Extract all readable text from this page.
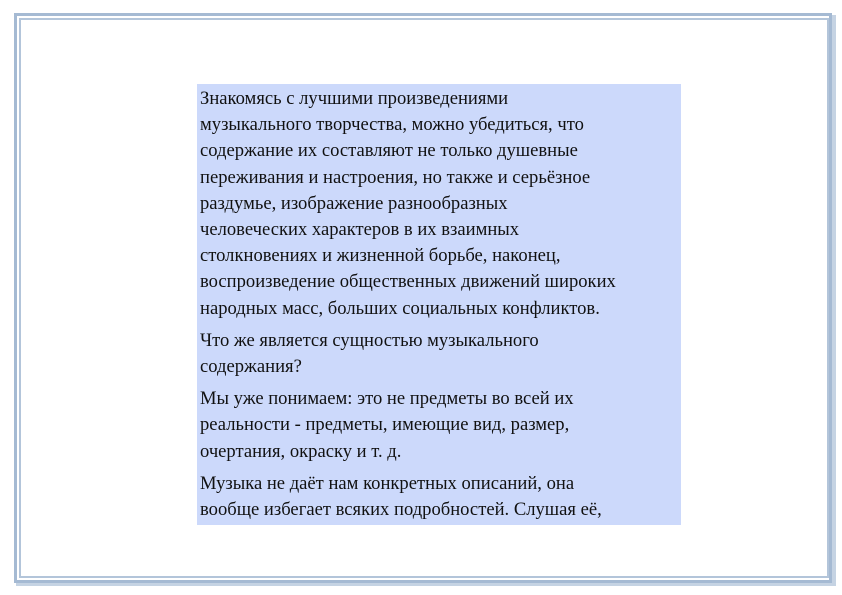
Знакомясь с лучшими произведениями
музыкального творчества, можно убедиться, что
содержание их составляют не только душевные
переживания и настроения, но также и серьёзное
раздумье, изображение разнообразных
человеческих характеров в их взаимных
столкновениях и жизненной борьбе, наконец,
воспроизведение общественных движений широких
народных масс, больших социальных конфликтов.

Что же является сущностью музыкального
содержания?

Мы уже понимаем: это не предметы во всей их
реальности - предметы, имеющие вид, размер,
очертания, окраску и т. д.

Музыка не даёт нам конкретных описаний, она
вообще избегает всяких подробностей. Слушая её,
